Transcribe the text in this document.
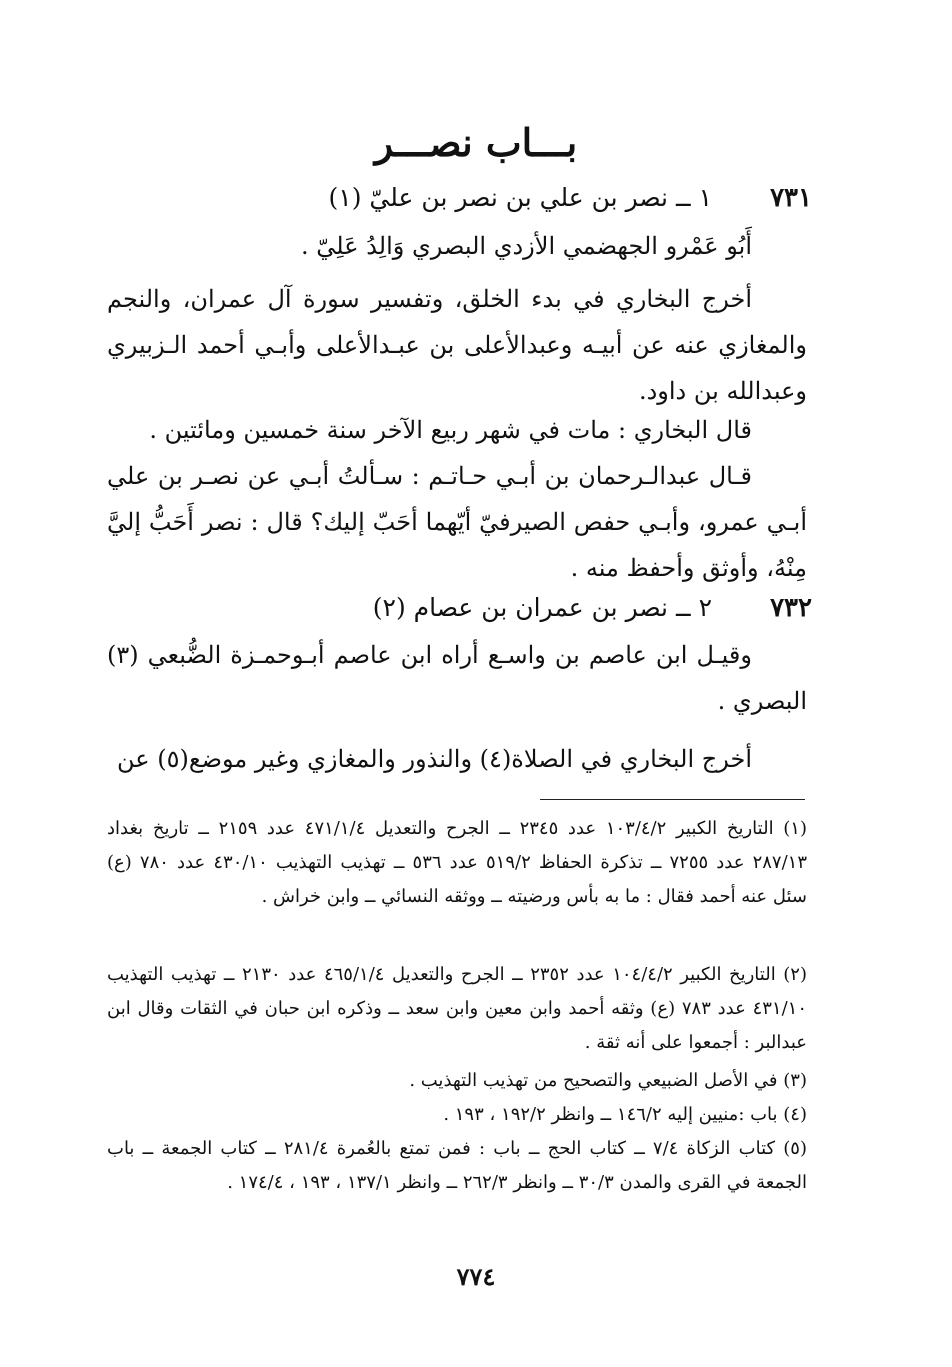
بـــاب نصـــر
٧٣١
١ ــ نصر بن علي بن نصر بن عليّ (١)
أَبُو عَمْرو الجهضمي الأزدي البصري وَالِدُ عَلِيّ .
أخرج البخاري في بدء الخلق، وتفسير سورة آل عمران، والنجم والمغازي عنه عن أبيـه وعبدالأعلى بن عبـدالأعلى وأبـي أحمد الـزبيري وعبدالله بن داود.
قال البخاري : مات في شهر ربيع الآخر سنة خمسين ومائتين .
قـال عبدالـرحمان بن أبـي حـاتـم : سـألتُ أبـي عن نصـر بن علي أبـي عمرو، وأبـي حفص الصيرفيّ أيّهما أحَبّ إليك؟ قال : نصر أَحَبُّ إليَّ مِنْهُ، وأوثق وأحفظ منه .
٧٣٢
٢ ــ نصر بن عمران بن عصام (٢)
وقيـل ابن عاصم بن واسـع أراه ابن عاصم أبـوحمـزة الضُّبعي (٣) البصري .
أخرج البخاري في الصلاة(٤) والنذور والمغازي وغير موضع(٥) عن
(١) التاريخ الكبير ١٠٣/٤/٢ عدد ٢٣٤٥ ــ الجرح والتعديل ٤٧١/١/٤ عدد ٢١٥٩ ــ تاريخ بغداد ٢٨٧/١٣ عدد ٧٢٥٥ ــ تذكرة الحفاظ ٥١٩/٢ عدد ٥٣٦ ــ تهذيب التهذيب ٤٣٠/١٠ عدد ٧٨٠ (ع) سئل عنه أحمد فقال : ما به بأس ورضيته ــ ووثقه النسائي ــ وابن خراش .
(٢) التاريخ الكبير ١٠٤/٤/٢ عدد ٢٣٥٢ ــ الجرح والتعديل ٤٦٥/١/٤ عدد ٢١٣٠ ــ تهذيب التهذيب ٤٣١/١٠ عدد ٧٨٣ (ع) وثقه أحمد وابن معين وابن سعد ــ وذكره ابن حبان في الثقات وقال ابن عبدالبر : أجمعوا على أنه ثقة .
(٣) في الأصل الضبيعي والتصحيح من تهذيب التهذيب .
(٤) باب :منيين إليه ١٤٦/٢ ــ وانظر ١٩٢/٢ ، ١٩٣ .
(٥) كتاب الزكاة ٧/٤ ــ كتاب الحج ــ باب : فمن تمتع بالعُمرة ٢٨١/٤ ــ كتاب الجمعة ــ باب الجمعة في القرى والمدن ٣٠/٣ ــ وانظر ٢٦٢/٣ ــ وانظر ١٣٧/١ ، ١٩٣ ، ١٧٤/٤ .
٧٧٤
